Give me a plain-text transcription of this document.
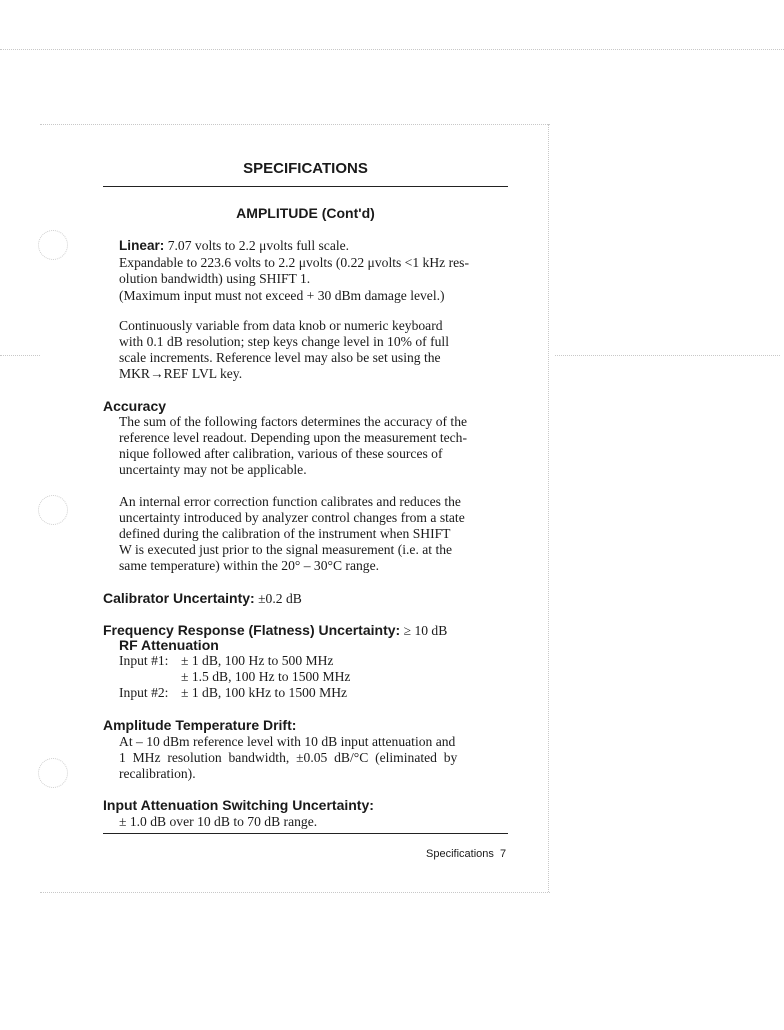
SPECIFICATIONS
AMPLITUDE (Cont'd)
Linear: 7.07 volts to 2.2 μvolts full scale.
Expandable to 223.6 volts to 2.2 μvolts (0.22 μvolts <1 kHz res-
olution bandwidth) using SHIFT 1.
(Maximum input must not exceed + 30 dBm damage level.)
Continuously variable from data knob or numeric keyboard
with 0.1 dB resolution; step keys change level in 10% of full
scale increments. Reference level may also be set using the
MKR→REF LVL key.
Accuracy
The sum of the following factors determines the accuracy of the
reference level readout. Depending upon the measurement tech-
nique followed after calibration, various of these sources of
uncertainty may not be applicable.
An internal error correction function calibrates and reduces the
uncertainty introduced by analyzer control changes from a state
defined during the calibration of the instrument when SHIFT
W is executed just prior to the signal measurement (i.e. at the
same temperature) within the 20° – 30°C range.
Calibrator Uncertainty: ±0.2 dB
Frequency Response (Flatness) Uncertainty: ≥ 10 dB
RF Attenuation
Input #1: ± 1 dB, 100 Hz to 500 MHz
± 1.5 dB, 100 Hz to 1500 MHz
Input #2: ± 1 dB, 100 kHz to 1500 MHz
Amplitude Temperature Drift:
At – 10 dBm reference level with 10 dB input attenuation and
1  MHz  resolution  bandwidth,  ±0.05  dB/°C  (eliminated  by
recalibration).
Input Attenuation Switching Uncertainty:
± 1.0 dB over 10 dB to 70 dB range.
Specifications 7
